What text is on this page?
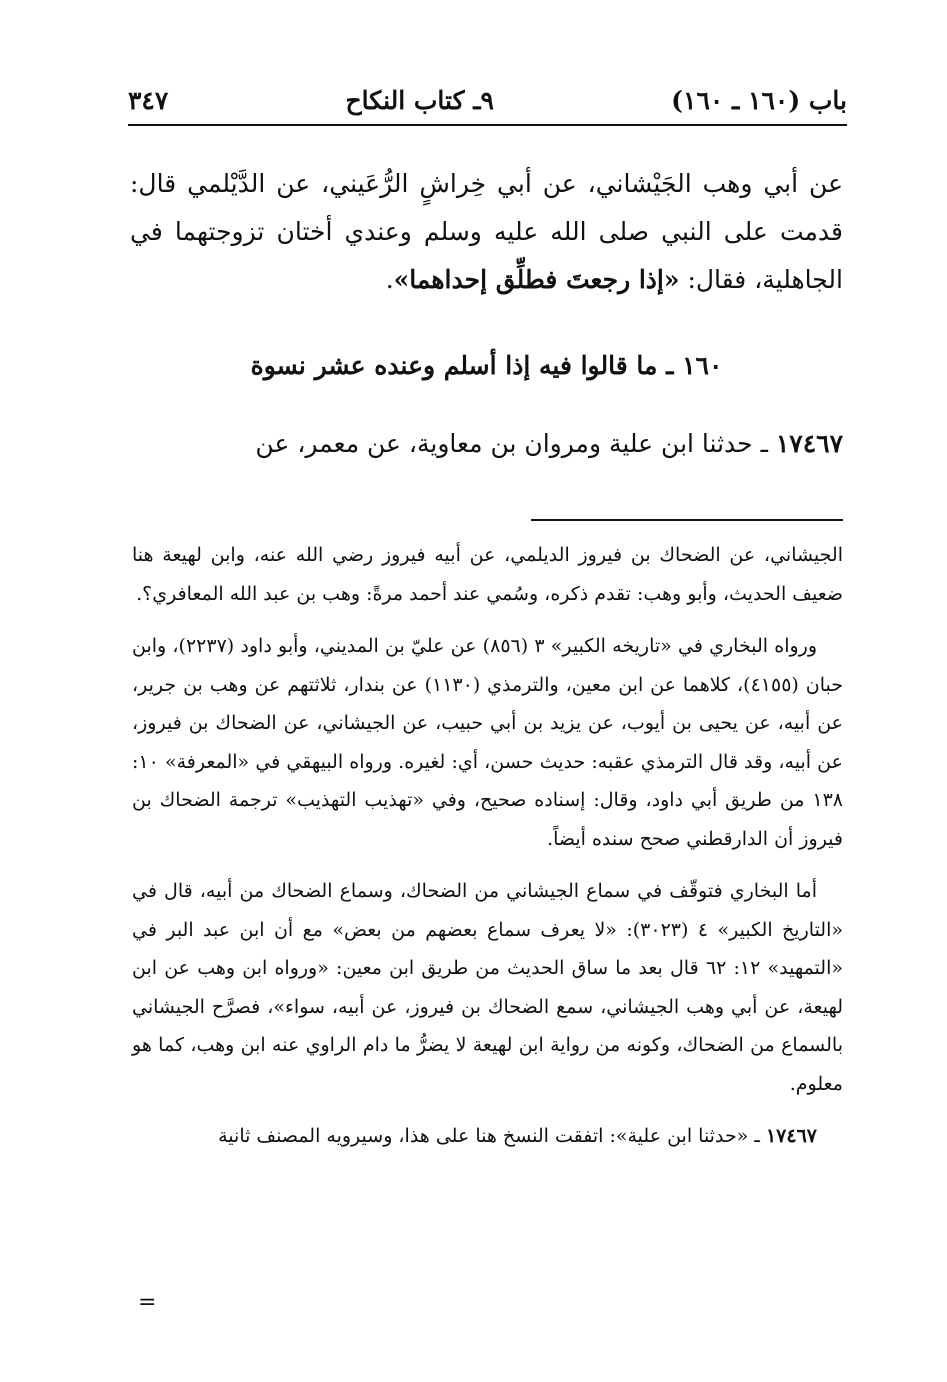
باب (١٦٠ ـ ١٦٠)
٩ـ كتاب النكاح
٣٤٧

عن أبي وهب الجَيْشاني، عن أبي خِراشٍ الرُّعَيني، عن الدَّيْلمي قال: قدمت على النبي صلى الله عليه وسلم وعندي أختان تزوجتهما في الجاهلية، فقال: «إذا رجعتَ فطلِّق إحداهما».

١٦٠ ـ ما قالوا فيه إذا أسلم وعنده عشر نسوة
١٧٤٦٧ ـ حدثنا ابن علية ومروان بن معاوية، عن معمر، عن

الجيشاني، عن الضحاك بن فيروز الديلمي، عن أبيه فيروز رضي الله عنه، وابن لهيعة هنا ضعيف الحديث، وأبو وهب: تقدم ذكره، وسُمي عند أحمد مرةً: وهب بن عبد الله المعافري؟.

ورواه البخاري في «تاريخه الكبير» ٣ (٨٥٦) عن عليّ بن المديني، وأبو داود (٢٢٣٧)، وابن حبان (٤١٥٥)، كلاهما عن ابن معين، والترمذي (١١٣٠) عن بندار، ثلاثتهم عن وهب بن جرير، عن أبيه، عن يحيى بن أيوب، عن يزيد بن أبي حبيب، عن الجيشاني، عن الضحاك بن فيروز، عن أبيه، وقد قال الترمذي عقبه: حديث حسن، أي: لغيره. ورواه البيهقي في «المعرفة» ١٠: ١٣٨ من طريق أبي داود، وقال: إسناده صحيح، وفي «تهذيب التهذيب» ترجمة الضحاك بن فيروز أن الدارقطني صحح سنده أيضاً.

أما البخاري فتوقّف في سماع الجيشاني من الضحاك، وسماع الضحاك من أبيه، قال في «التاريخ الكبير» ٤ (٣٠٢٣): «لا يعرف سماع بعضهم من بعض» مع أن ابن عبد البر في «التمهيد» ١٢: ٦٢ قال بعد ما ساق الحديث من طريق ابن معين: «ورواه ابن وهب عن ابن لهيعة، عن أبي وهب الجيشاني، سمع الضحاك بن فيروز، عن أبيه، سواء»، فصرَّح الجيشاني بالسماع من الضحاك، وكونه من رواية ابن لهيعة لا يضرُّ ما دام الراوي عنه ابن وهب، كما هو معلوم.

١٧٤٦٧ ـ «حدثنا ابن علية»: اتفقت النسخ هنا على هذا، وسيرويه المصنف ثانية

=
